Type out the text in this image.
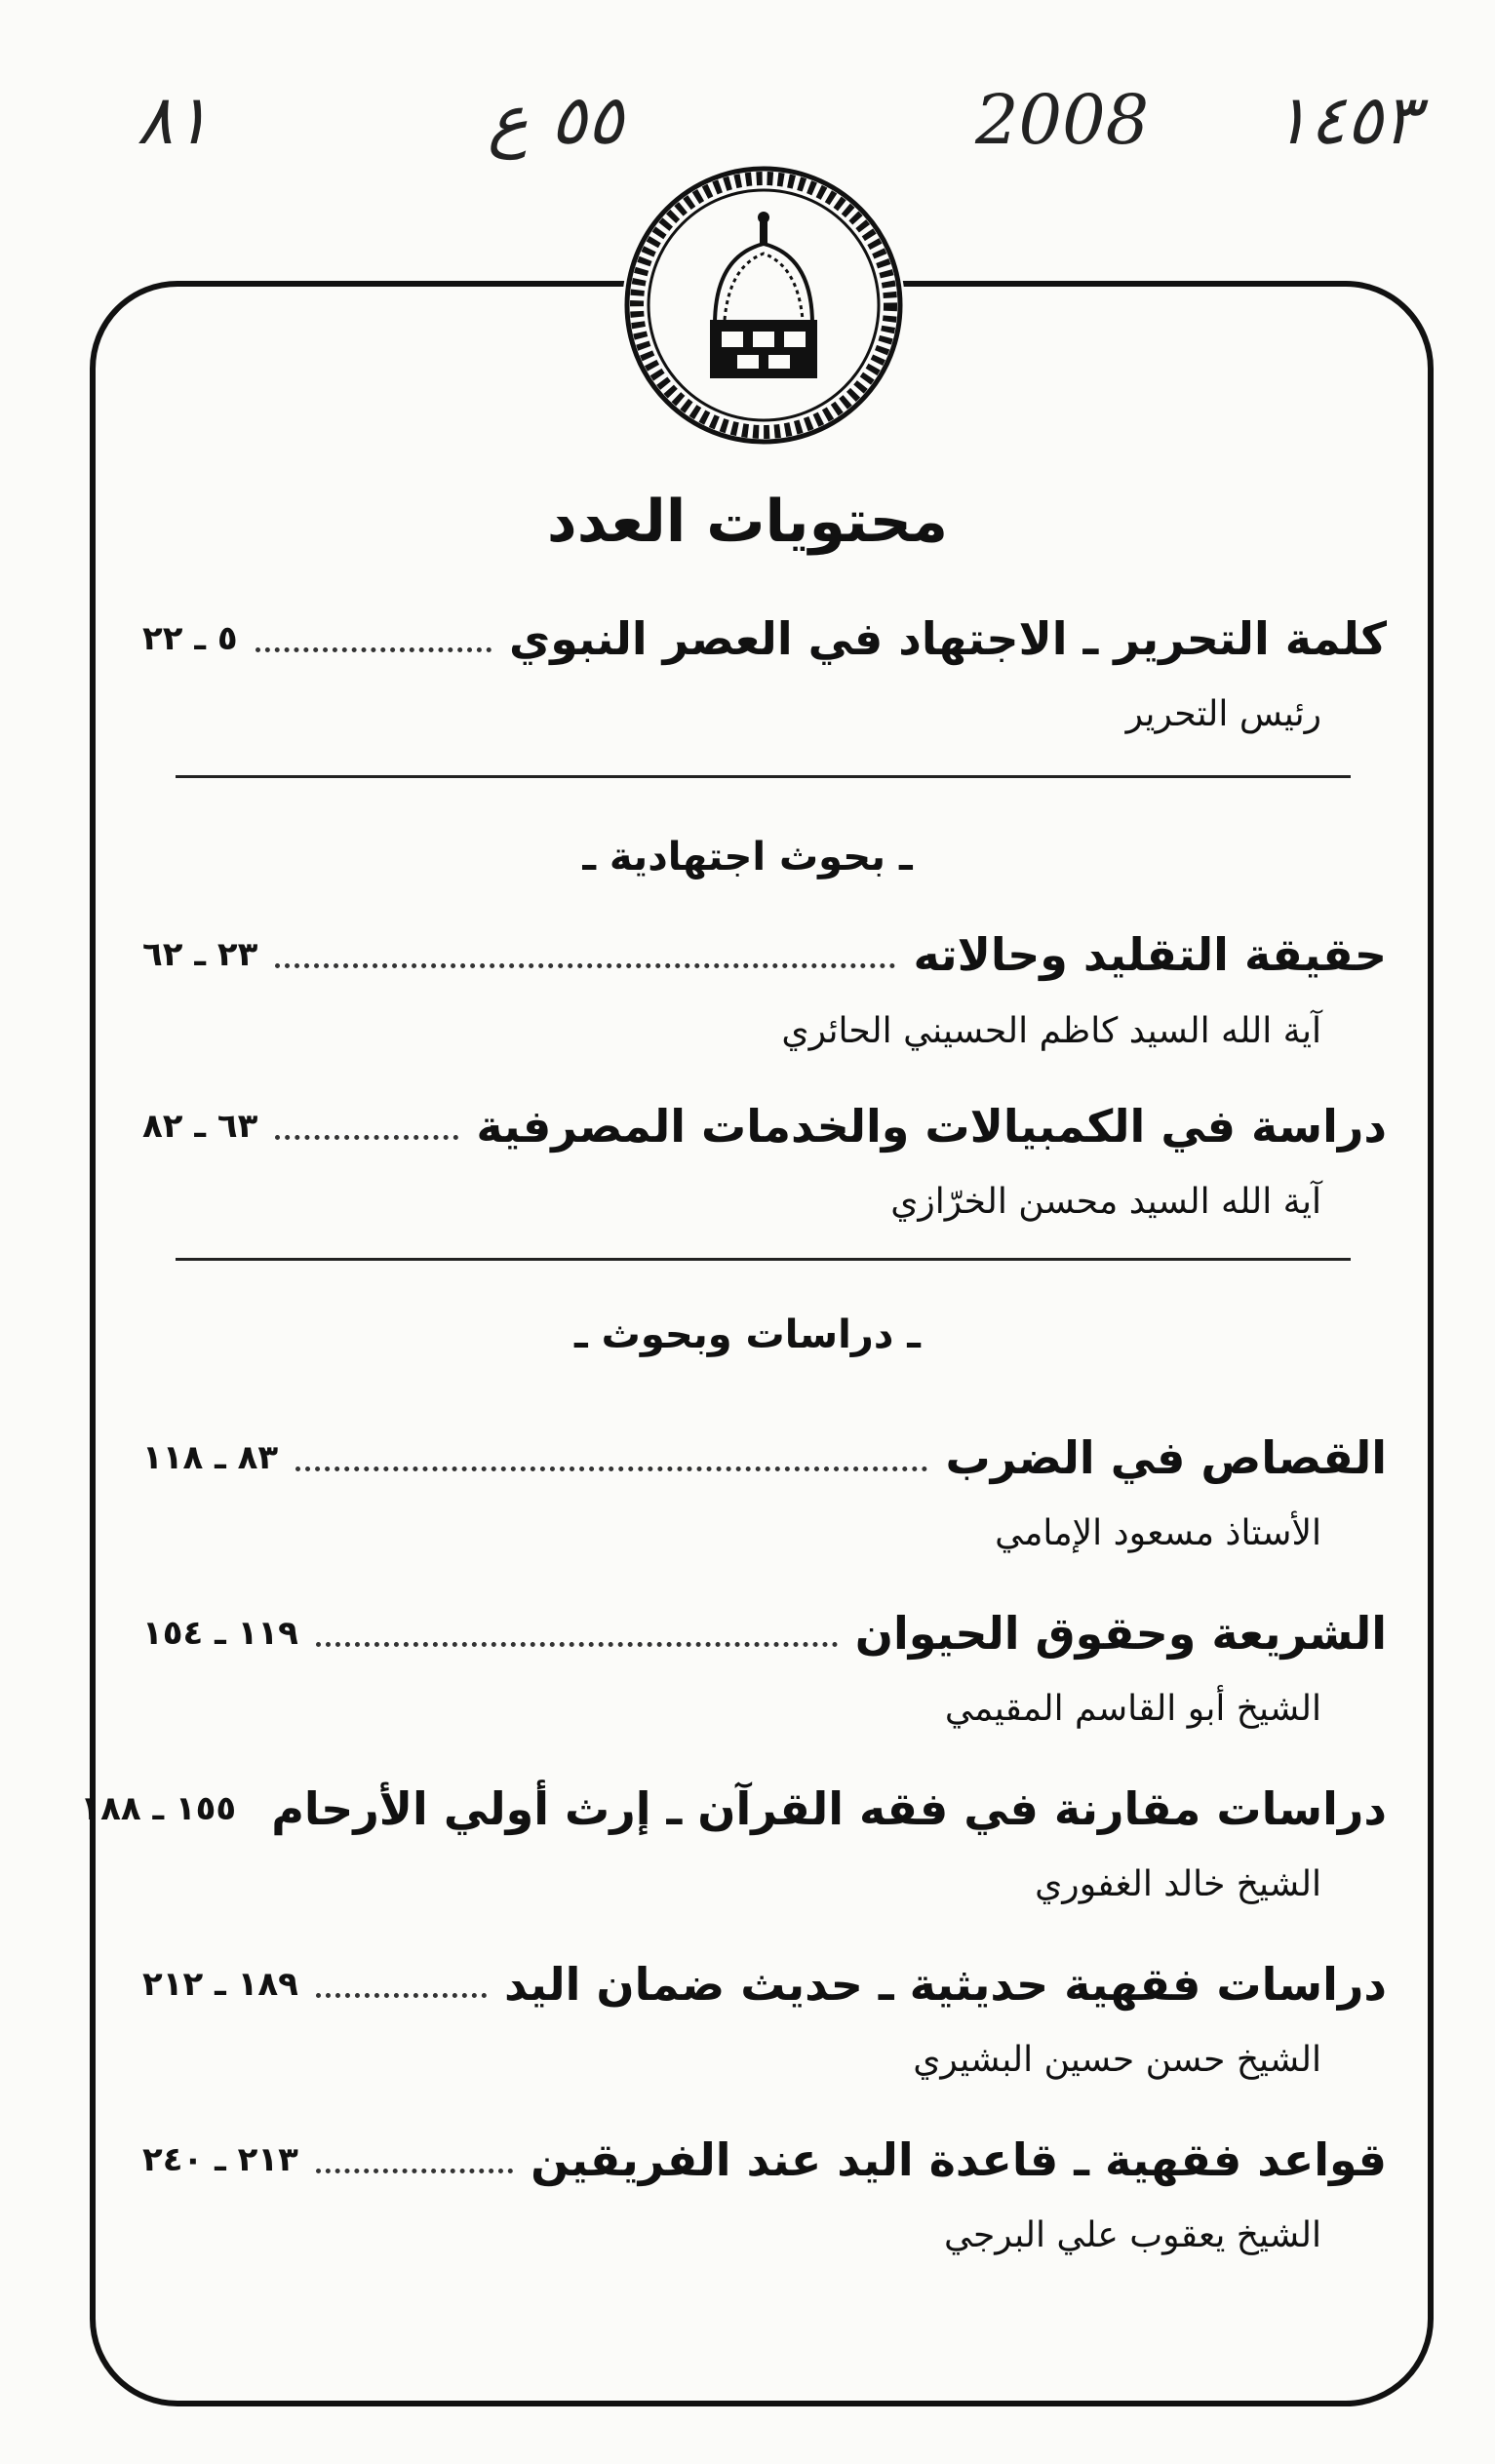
٨١	٥٥ ع	2008 ١٤٥٣
محتويات العدد
كلمة التحرير ـ الاجتهاد في العصر النبوي
٥ ـ ٢٢
رئيس التحرير
ـ بحوث اجتهادية ـ
حقيقة التقليد وحالاته
٢٣ ـ ٦٢
آية الله السيد كاظم الحسيني الحائري
دراسة في الكمبيالات والخدمات المصرفية
٦٣ ـ ٨٢
آية الله السيد محسن الخرّازي
ـ دراسات وبحوث ـ
القصاص في الضرب
٨٣ ـ ١١٨
الأستاذ مسعود الإمامي
الشريعة وحقوق الحيوان
١١٩ ـ ١٥٤
الشيخ أبو القاسم المقيمي
دراسات مقارنة في فقه القرآن ـ إرث أولي الأرحام
١٥٥ ـ ١٨٨
الشيخ خالد الغفوري
دراسات فقهية حديثية ـ حديث ضمان اليد
١٨٩ ـ ٢١٢
الشيخ حسن حسين البشيري
قواعد فقهية ـ قاعدة اليد عند الفريقين
٢١٣ ـ ٢٤٠
الشيخ يعقوب علي البرجي
